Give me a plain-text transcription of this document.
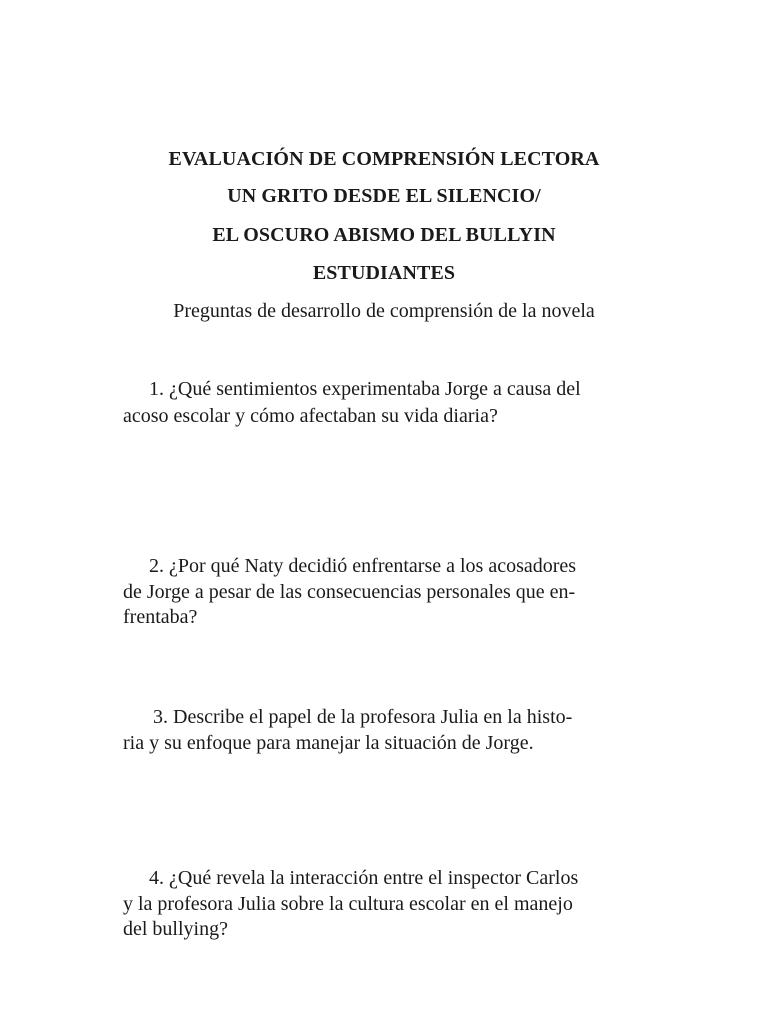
EVALUACIÓN DE COMPRENSIÓN LECTORA
UN GRITO DESDE EL SILENCIO/
EL OSCURO ABISMO DEL BULLYIN
ESTUDIANTES
Preguntas de desarrollo de comprensión de la novela
1. ¿Qué sentimientos experimentaba Jorge a causa del
acoso escolar y cómo afectaban su vida diaria?
2. ¿Por qué Naty decidió enfrentarse a los acosadores
de Jorge a pesar de las consecuencias personales que en-
frentaba?
3. Describe el papel de la profesora Julia en la histo-
ria y su enfoque para manejar la situación de Jorge.
4. ¿Qué revela la interacción entre el inspector Carlos
y la profesora Julia sobre la cultura escolar en el manejo
del bullying?
